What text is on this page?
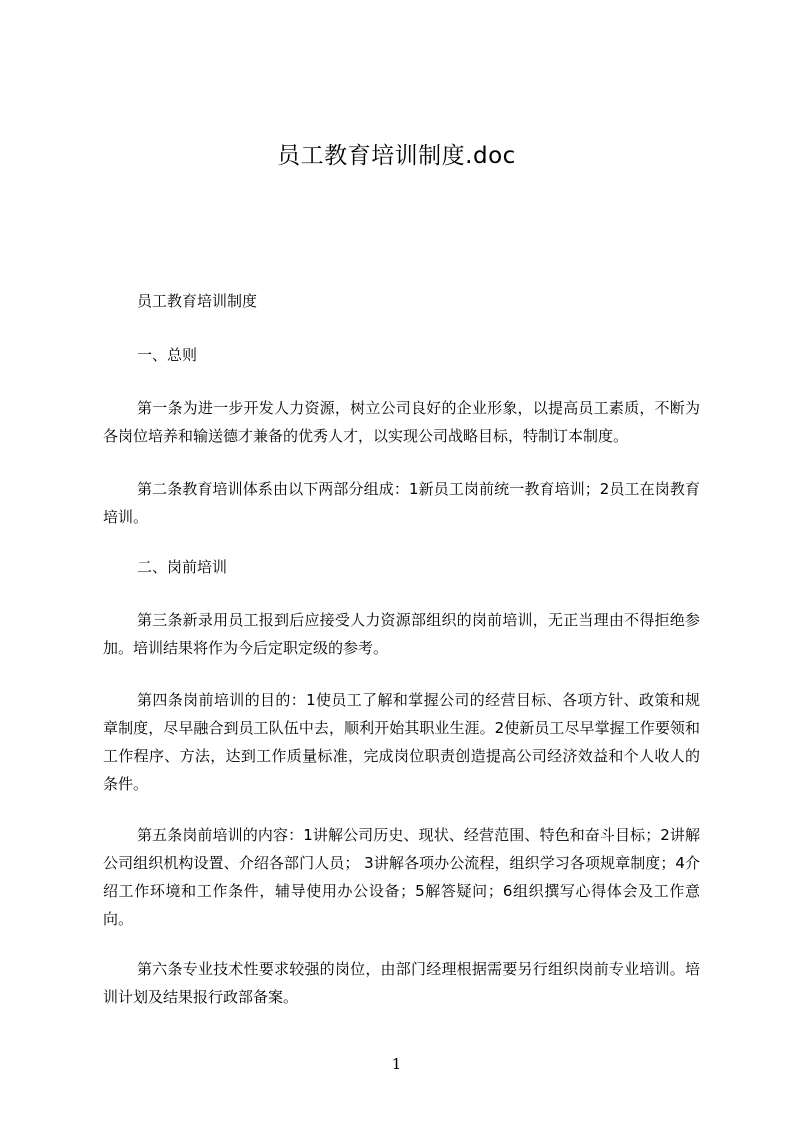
员工教育培训制度.doc

员工教育培训制度

一、总则

第一条为进一步开发人力资源，树立公司良好的企业形象，以提高员工素质，不断为各岗位培养和输送德才兼备的优秀人才，以实现公司战略目标，特制订本制度。

第二条教育培训体系由以下两部分组成：1新员工岗前统一教育培训；2员工在岗教育培训。

二、岗前培训

第三条新录用员工报到后应接受人力资源部组织的岗前培训，无正当理由不得拒绝参加。培训结果将作为今后定职定级的参考。

第四条岗前培训的目的：1使员工了解和掌握公司的经营目标、各项方针、政策和规章制度，尽早融合到员工队伍中去，顺利开始其职业生涯。2使新员工尽早掌握工作要领和工作程序、方法，达到工作质量标准，完成岗位职责创造提高公司经济效益和个人收人的条件。

第五条岗前培训的内容：1讲解公司历史、现状、经营范围、特色和奋斗目标；2讲解公司组织机构设置、介绍各部门人员； 3讲解各项办公流程，组织学习各项规章制度；4介绍工作环境和工作条件，辅导使用办公设备；5解答疑问；6组织撰写心得体会及工作意向。

第六条专业技术性要求较强的岗位，由部门经理根据需要另行组织岗前专业培训。培训计划及结果报行政部备案。

1
